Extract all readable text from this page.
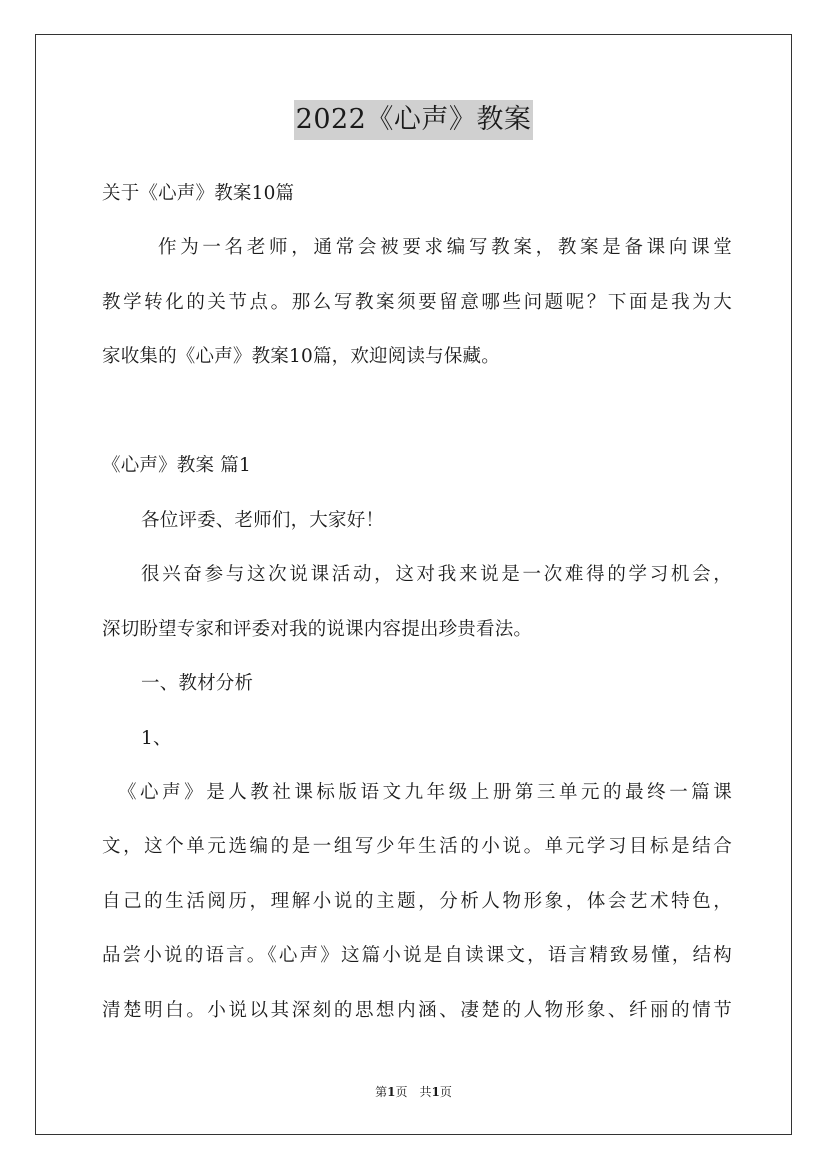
2022《心声》教案
关于《心声》教案10篇
作为一名老师，通常会被要求编写教案，教案是备课向课堂
教学转化的关节点。那么写教案须要留意哪些问题呢？下面是我为大
家收集的《心声》教案10篇，欢迎阅读与保藏。
《心声》教案 篇1
各位评委、老师们，大家好！
很兴奋参与这次说课活动，这对我来说是一次难得的学习机会，
深切盼望专家和评委对我的说课内容提出珍贵看法。
一、教材分析
1、
《心声》是人教社课标版语文九年级上册第三单元的最终一篇课
文，这个单元选编的是一组写少年生活的小说。单元学习目标是结合
自己的生活阅历，理解小说的主题，分析人物形象，体会艺术特色，
品尝小说的语言。《心声》这篇小说是自读课文，语言精致易懂，结构
清楚明白。小说以其深刻的思想内涵、凄楚的人物形象、纤丽的情节
第1页　共1页
